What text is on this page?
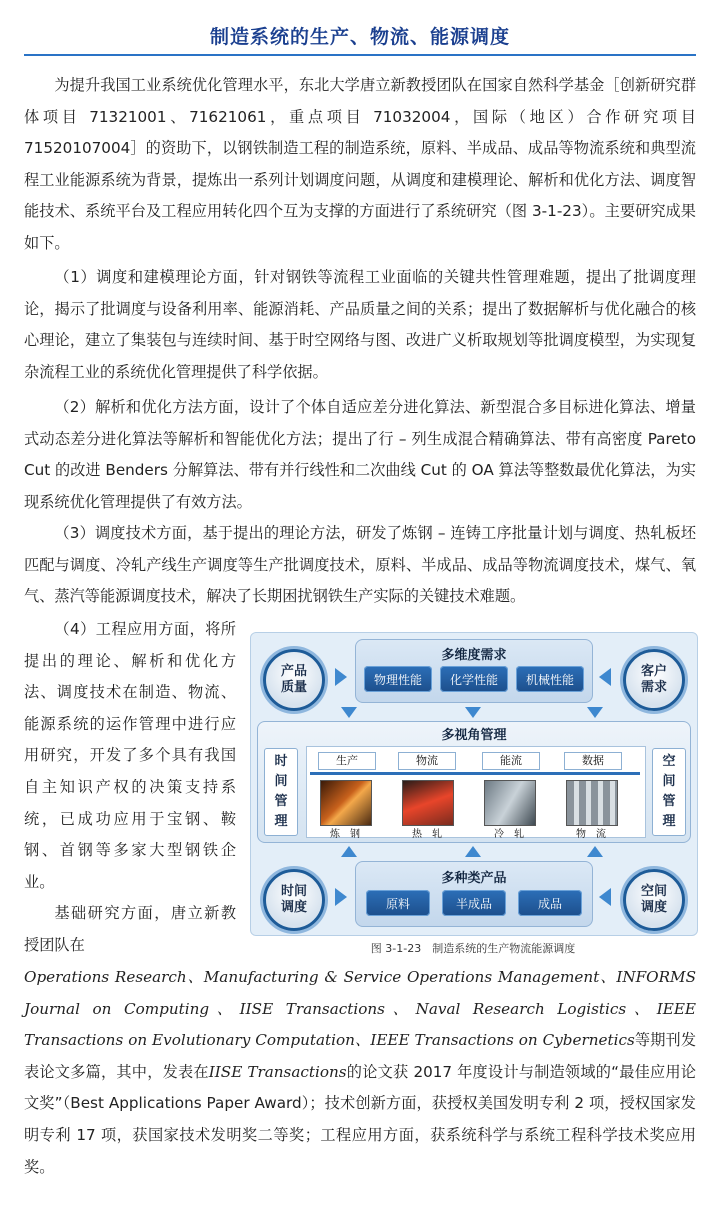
制造系统的生产、物流、能源调度
为提升我国工业系统优化管理水平，东北大学唐立新教授团队在国家自然科学基金［创新研究群体项目 71321001、71621061，重点项目 71032004，国际（地区）合作研究项目 71520107004］的资助下，以钢铁制造工程的制造系统，原料、半成品、成品等物流系统和典型流程工业能源系统为背景，提炼出一系列计划调度问题，从调度和建模理论、解析和优化方法、调度智能技术、系统平台及工程应用转化四个互为支撑的方面进行了系统研究（图 3-1-23）。主要研究成果如下。
（1）调度和建模理论方面，针对钢铁等流程工业面临的关键共性管理难题，提出了批调度理论，揭示了批调度与设备利用率、能源消耗、产品质量之间的关系；提出了数据解析与优化融合的核心理论，建立了集装包与连续时间、基于时空网络与图、改进广义析取规划等批调度模型，为实现复杂流程工业的系统优化管理提供了科学依据。
（2）解析和优化方法方面，设计了个体自适应差分进化算法、新型混合多目标进化算法、增量式动态差分进化算法等解析和智能优化方法；提出了行 – 列生成混合精确算法、带有高密度 Pareto Cut 的改进 Benders 分解算法、带有并行线性和二次曲线 Cut 的 OA 算法等整数最优化算法，为实现系统优化管理提供了有效方法。
（3）调度技术方面，基于提出的理论方法，研发了炼钢 – 连铸工序批量计划与调度、热轧板坯匹配与调度、冷轧产线生产调度等生产批调度技术，原料、半成品、成品等物流调度技术，煤气、氧气、蒸汽等能源调度技术，解决了长期困扰钢铁生产实际的关键技术难题。

（4）工程应用方面，将所提出的理论、解析和优化方法、调度技术在制造、物流、能源系统的运作管理中进行应用研究，开发了多个具有我国自主知识产权的决策支持系统，已成功应用于宝钢、鞍钢、首钢等多家大型钢铁企业。

基础研究方面，唐立新教授团队在

Operations Research、Manufacturing & Service Operations Management、INFORMS Journal on Computing、IISE Transactions、Naval Research Logistics、IEEE Transactions on Evolutionary Computation、IEEE Transactions on Cybernetics等期刊发表论文多篇，其中，发表在IISE Transactions的论文获 2017 年度设计与制造领域的“最佳应用论文奖”（Best Applications Paper Award）；技术创新方面，获授权美国发明专利 2 项，授权国家发明专利 17 项，获国家技术发明奖二等奖；工程应用方面，获系统科学与系统工程科学技术奖应用奖。
产品质量
客户需求
多维度需求
物理性能	化学性能	机械性能
多视角管理
时间管理
空间管理
生产	物流	能流	数据
炼　钢	热　轧	冷　轧	物　流
时间调度
空间调度
多种类产品
原料	半成品	成品
图 3-1-23　制造系统的生产物流能源调度
